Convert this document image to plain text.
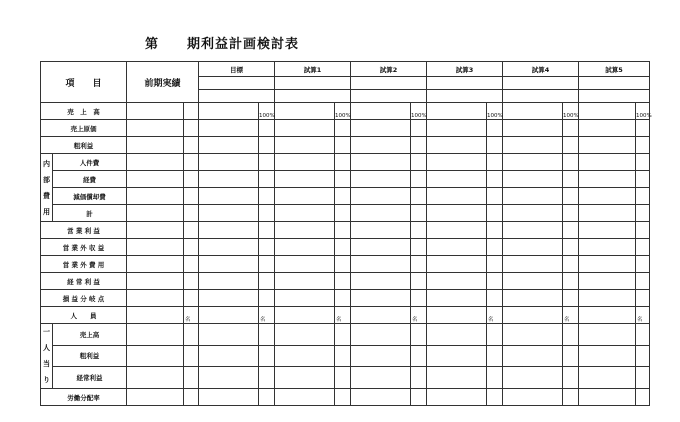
第　　期利益計画検討表
項　　目		前期実績		目標		試算1		試算2		試算3		試算4		試算5	

売　上　高					100%		100%		100%		100%		100%		100%
売上原価															
粗利益															
内
部
費
用	人件費														
	経費														
	減価償却費														
	計														
営 業 利 益															
営 業 外 収 益															
営 業 外 費 用															
経 常 利 益															
損 益 分 岐 点															
人　　員			名		名		名		名		名		名		名
一
人
当
り	売上高														
	粗利益														
	経常利益														
労働分配率															
